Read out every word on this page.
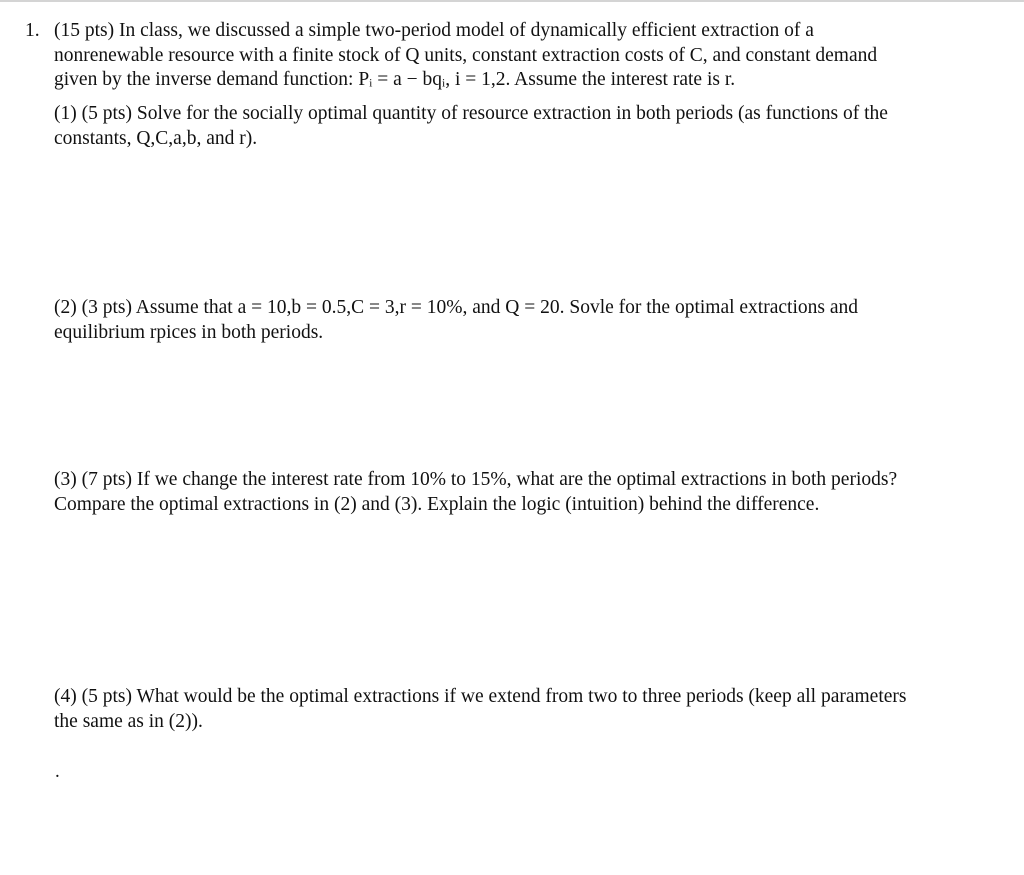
1. (15 pts) In class, we discussed a simple two-period model of dynamically efficient extraction of a
nonrenewable resource with a finite stock of Q units, constant extraction costs of C, and constant demand
given by the inverse demand function: Pᵢ = a − bqᵢ, i = 1,2. Assume the interest rate is r.
(1) (5 pts) Solve for the socially optimal quantity of resource extraction in both periods (as functions of the
constants, Q,C,a,b, and r).
(2) (3 pts) Assume that a = 10,b = 0.5,C = 3,r = 10%, and Q = 20. Sovle for the optimal extractions and
equilibrium rpices in both periods.
(3) (7 pts) If we change the interest rate from 10% to 15%, what are the optimal extractions in both periods?
Compare the optimal extractions in (2) and (3). Explain the logic (intuition) behind the difference.
(4) (5 pts) What would be the optimal extractions if we extend from two to three periods (keep all parameters
the same as in (2)).
.
